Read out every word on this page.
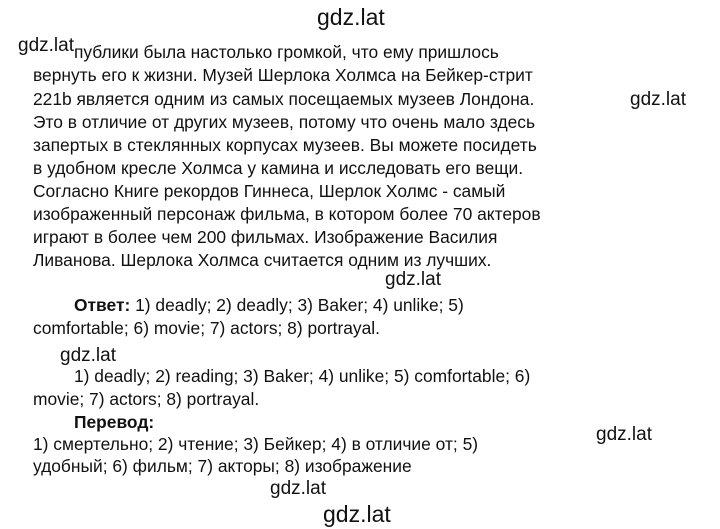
gdz.lat
gdz.lat
gdz.lat
gdz.lat
gdz.lat
gdz.lat
gdz.lat
gdz.lat
публики была настолько громкой, что ему пришлось
вернуть его к жизни. Музей Шерлока Холмса на Бейкер-стрит
221b является одним из самых посещаемых музеев Лондона.
Это в отличие от других музеев, потому что очень мало здесь
запертых в стеклянных корпусах музеев. Вы можете посидеть
в удобном кресле Холмса у камина и исследовать его вещи.
Согласно Книге рекордов Гиннеса, Шерлок Холмс - самый
изображенный персонаж фильма, в котором более 70 актеров
играют в более чем 200 фильмах. Изображение Василия
Ливанова. Шерлока Холмса считается одним из лучших.
Ответ: 1) deadly; 2) deadly; 3) Baker; 4) unlike; 5)
comfortable; 6) movie; 7) actors; 8) portrayal.
1) deadly; 2) reading; 3) Baker; 4) unlike; 5) comfortable; 6)
movie; 7) actors; 8) portrayal.
Перевод:
1) смертельно; 2) чтение; 3) Бейкер; 4) в отличие от; 5)
удобный; 6) фильм; 7) актоpы; 8) изображение
